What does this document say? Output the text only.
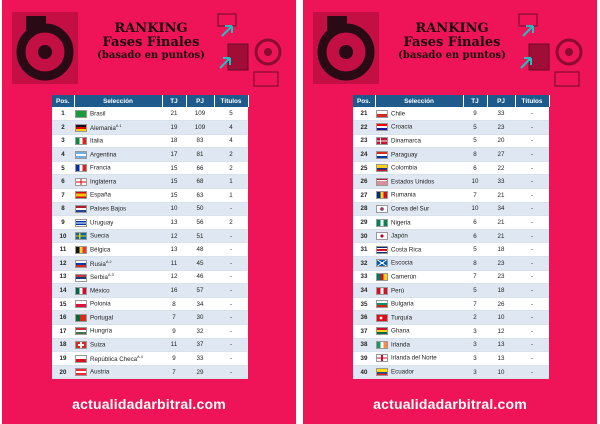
RANKING
Fases Finales
(basado en puntos)
Pos.	Selección	TJ	PJ	Títulos
1	Brasil	21	109	5
2	Alemania$^{A 1}$	19	109	4
3	Italia	18	83	4
4	Argentina	17	81	2
5	Francia	15	66	2
6	Inglaterra	15	68	1
7	España	15	63	1
8	Países Bajos	10	50	-
9	Uruguay	13	56	2
10	Suecia	12	51	-
11	Bélgica	13	48	-
12	Rusia$^{A 2}$	11	45	-
13	Serbia$^{A 3}$	12	46	-
14	México	16	57	-
15	Polonia	8	34	-
16	Portugal	7	30	-
17	Hungría	9	32	-
18	Suiza	11	37	-
19	República Checa$^{A 4}$	9	33	-
20	Austria	7	29	-
actualidadarbitral.com
RANKING
Fases Finales
(basado en puntos)
Pos.	Selección	TJ	PJ	Títulos
21	Chile	9	33	-
22	Croacia	5	23	-
23	Dinamarca	5	20	-
24	Paraguay	8	27	-
25	Colombia	6	22	-
26	Estados Unidos	10	33	-
27	Rumania	7	21	-
28	Corea del Sur	10	34	-
29	Nigeria	6	21	-
30	Japón	6	21	-
31	Costa Rica	5	18	-
32	Escocia	8	23	-
33	Camerún	7	23	-
34	Perú	5	18	-
35	Bulgaria	7	26	-
36	Turquía	2	10	-
37	Ghana	3	12	-
38	Irlanda	3	13	-
39	Irlanda del Norte	3	13	-
40	Ecuador	3	10	-
actualidadarbitral.com
